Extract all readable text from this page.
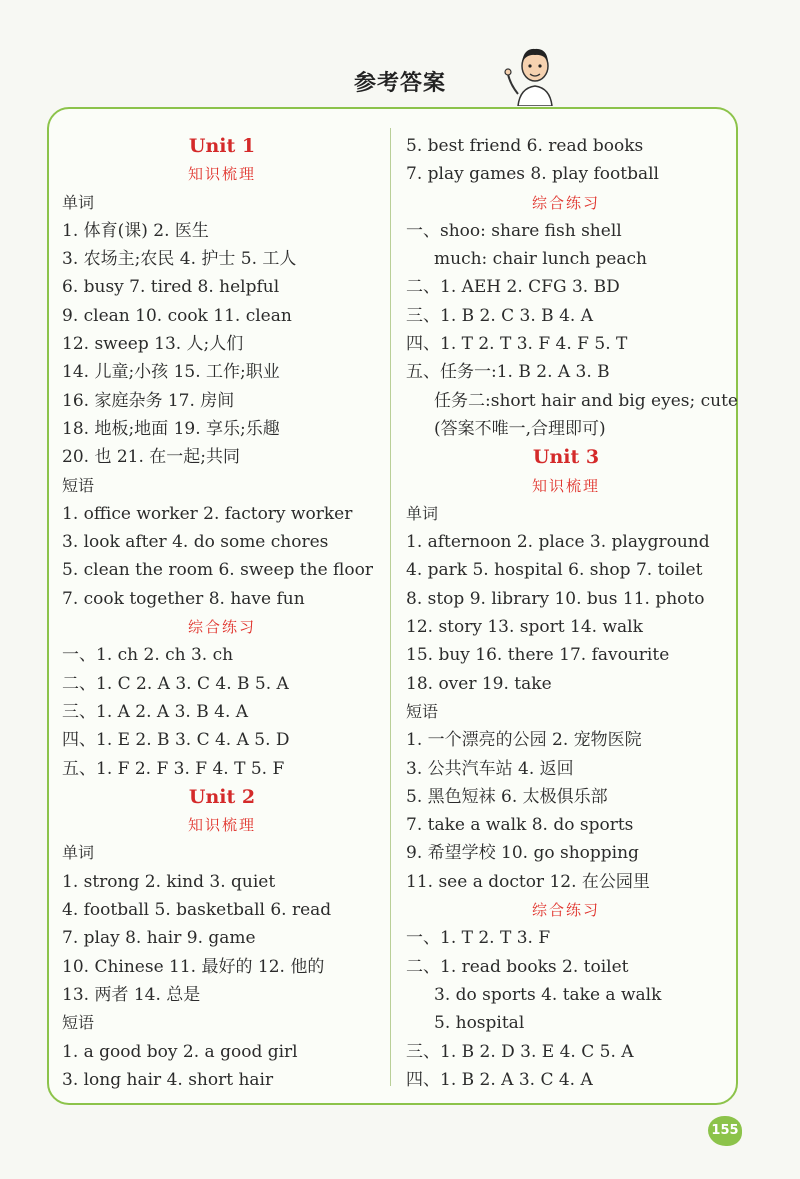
参考答案
Unit 1
知识梳理
单词
1. 体育(课) 2. 医生
3. 农场主;农民 4. 护士 5. 工人
6. busy 7. tired 8. helpful
9. clean 10. cook 11. clean
12. sweep 13. 人;人们
14. 儿童;小孩 15. 工作;职业
16. 家庭杂务 17. 房间
18. 地板;地面 19. 享乐;乐趣
20. 也 21. 在一起;共同
短语
1. office worker 2. factory worker
3. look after 4. do some chores
5. clean the room 6. sweep the floor
7. cook together 8. have fun
综合练习
一、1. ch 2. ch 3. ch
二、1. C 2. A 3. C 4. B 5. A
三、1. A 2. A 3. B 4. A
四、1. E 2. B 3. C 4. A 5. D
五、1. F 2. F 3. F 4. T 5. F
Unit 2
知识梳理
单词
1. strong 2. kind 3. quiet
4. football 5. basketball 6. read
7. play 8. hair 9. game
10. Chinese 11. 最好的 12. 他的
13. 两者 14. 总是
短语
1. a good boy 2. a good girl
3. long hair 4. short hair
5. best friend 6. read books
7. play games 8. play football
综合练习
一、shoo: share fish shell
much: chair lunch peach
二、1. AEH 2. CFG 3. BD
三、1. B 2. C 3. B 4. A
四、1. T 2. T 3. F 4. F 5. T
五、任务一:1. B 2. A 3. B
任务二:short hair and big eyes; cute
(答案不唯一,合理即可)
Unit 3
知识梳理
单词
1. afternoon 2. place 3. playground
4. park 5. hospital 6. shop 7. toilet
8. stop 9. library 10. bus 11. photo
12. story 13. sport 14. walk
15. buy 16. there 17. favourite
18. over 19. take
短语
1. 一个漂亮的公园 2. 宠物医院
3. 公共汽车站 4. 返回
5. 黑色短袜 6. 太极俱乐部
7. take a walk 8. do sports
9. 希望学校 10. go shopping
11. see a doctor 12. 在公园里
综合练习
一、1. T 2. T 3. F
二、1. read books 2. toilet
3. do sports 4. take a walk
5. hospital
三、1. B 2. D 3. E 4. C 5. A
四、1. B 2. A 3. C 4. A
155
